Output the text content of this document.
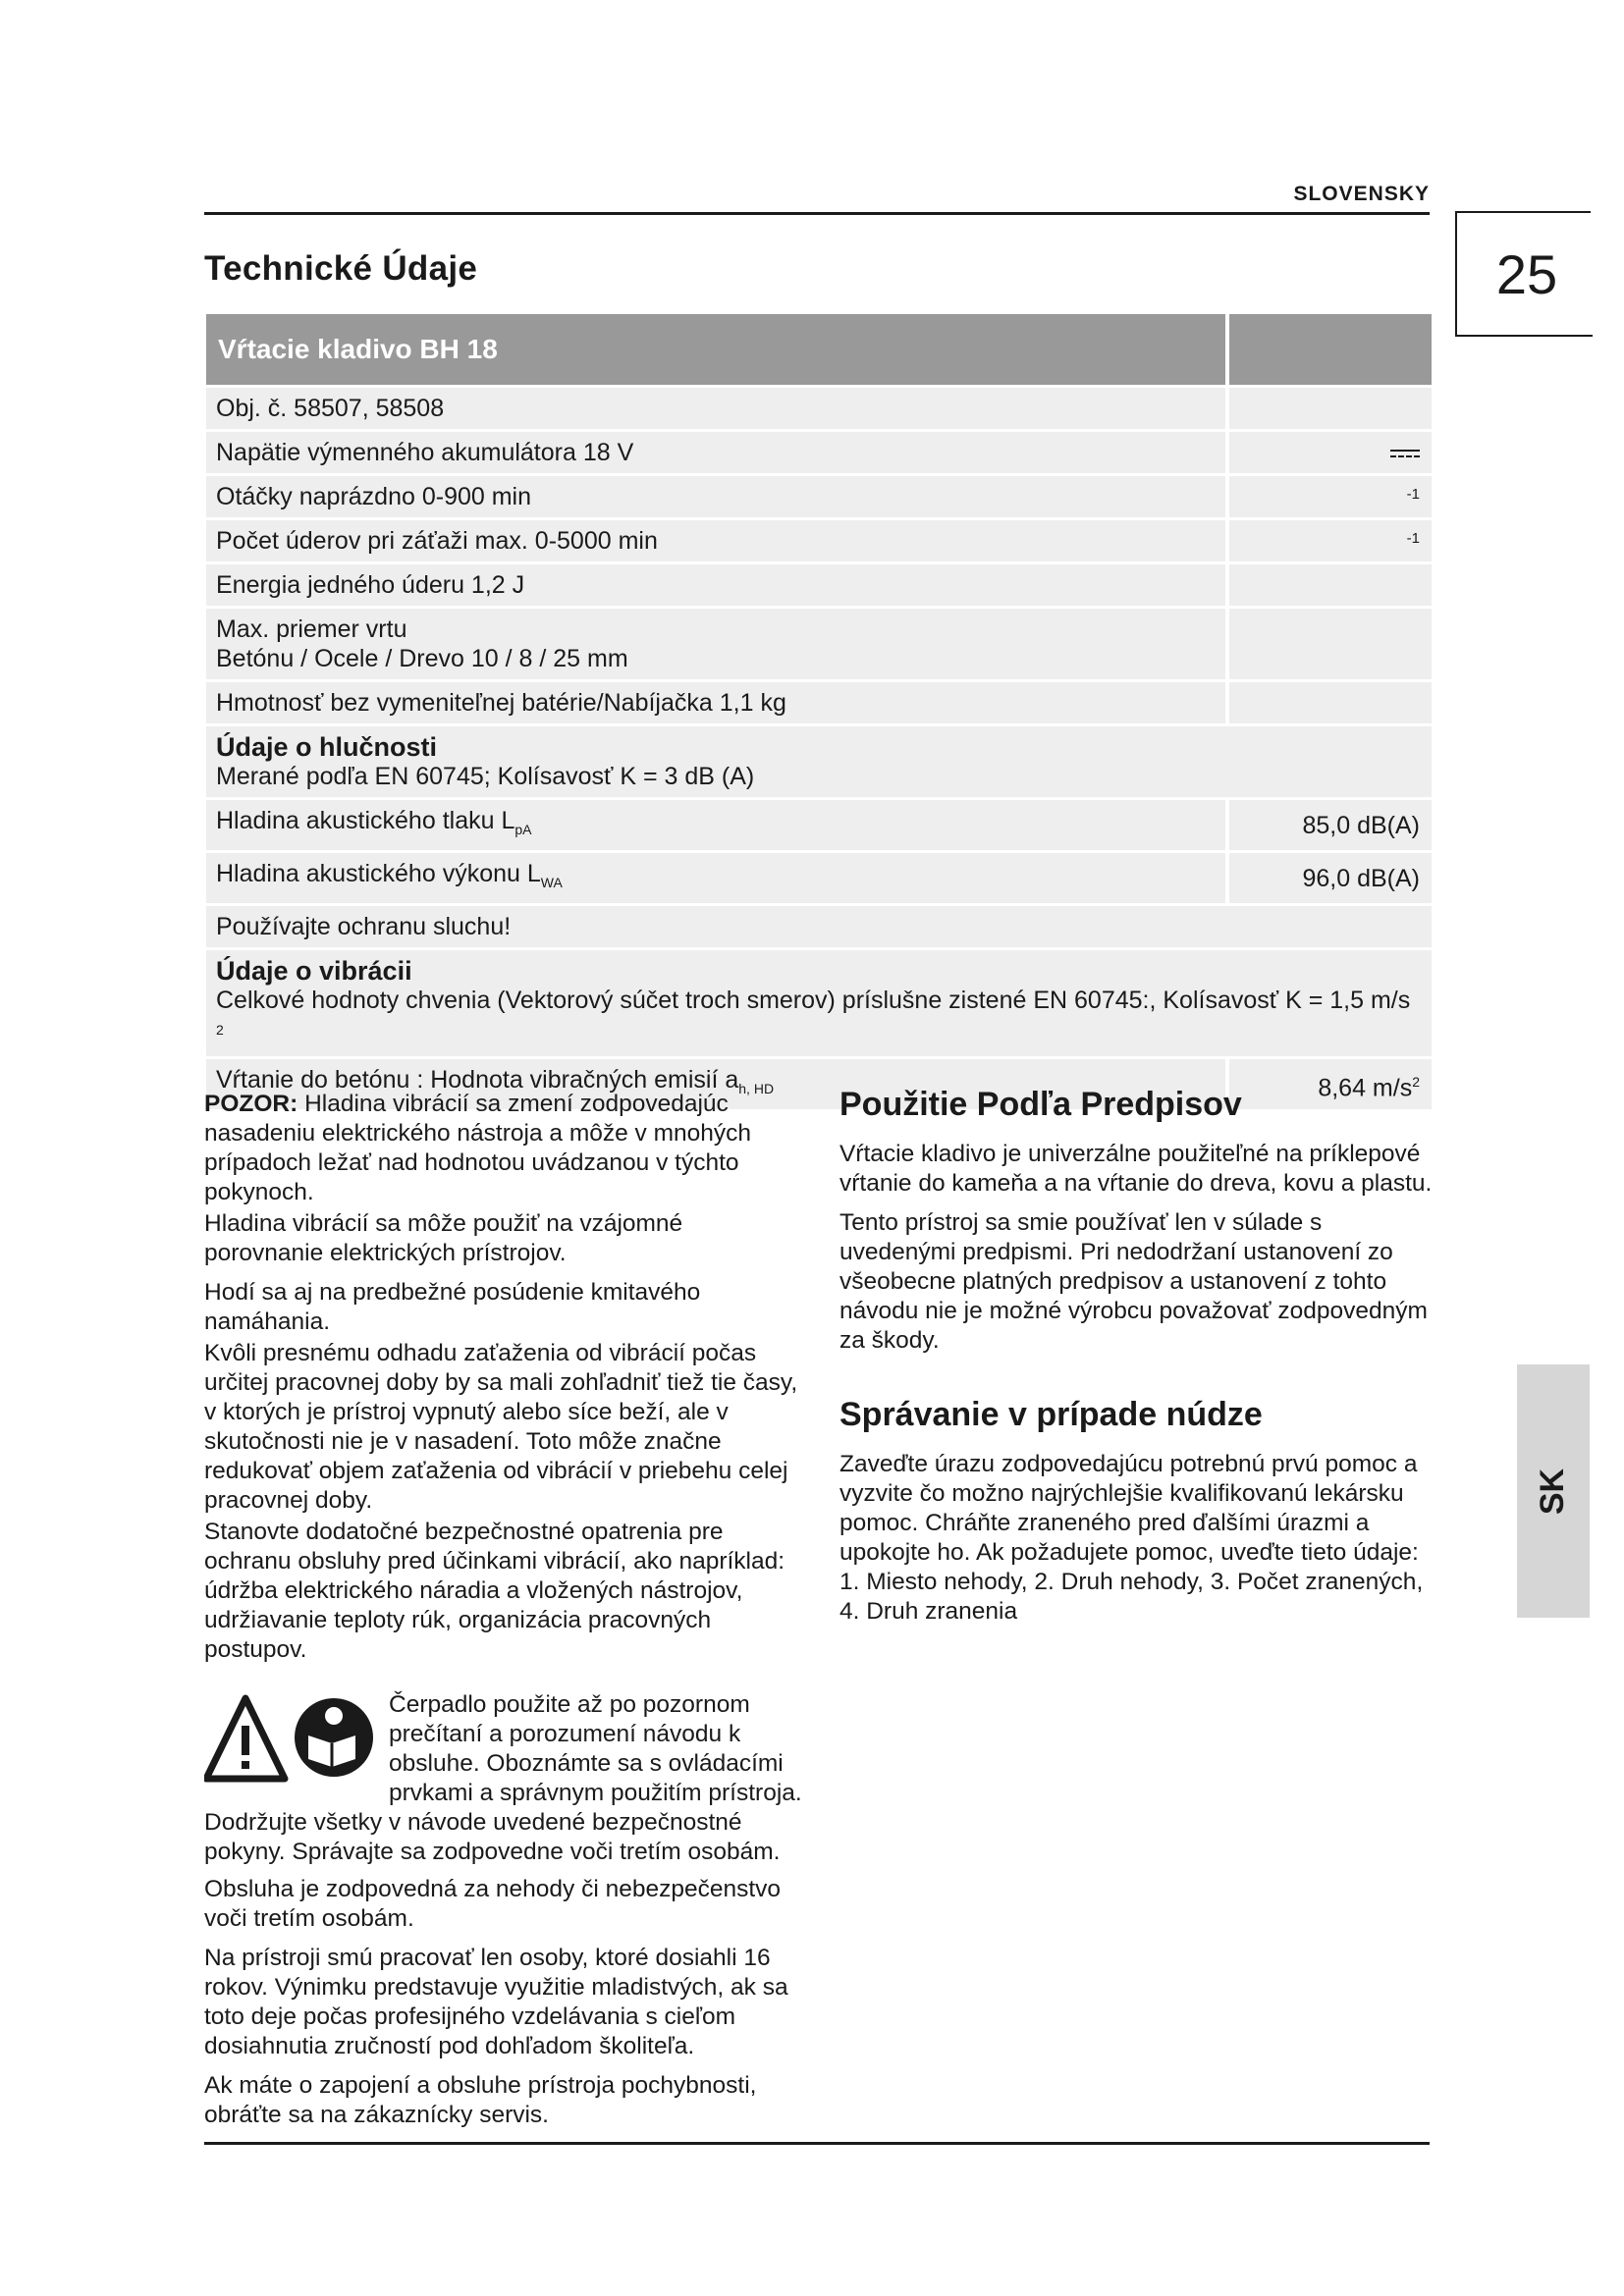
SLOVENSKY
25
SK
Technické Údaje
Vŕtacie kladivo BH 18	
Obj. č. 58507, 58508	
Napätie výmenného akumulátora 18 V	
Otáčky naprázdno 0-900 min	$^{-1}$
Počet úderov pri záťaži max. 0-5000 min	$^{-1}$
Energia jedného úderu 1,2 J	

Max. priemer vrtu
Betónu / Ocele / Drevo 10 / 8 / 25 mm	

Hmotnosť bez vymeniteľnej batérie/Nabíjačka 1,1 kg	

Údaje o hlučnosti
Merané podľa EN 60745; Kolísavosť K = 3 dB (A)	

Hladina akustického tlaku $L_{pA}$	85,0 dB(A)
Hladina akustického výkonu $L_{WA}$	96,0 dB(A)
Používajte ochranu sluchu!	

Údaje o vibrácii
Celkové hodnoty chvenia (Vektorový súčet troch smerov) príslušne zistené EN 60745:, Kolísavosť K = 1,5 m/s $^2$

Vŕtanie do betónu : Hodnota vibračných emisií $a_{h, HD}$	8,64 $m/s^2$

POZOR: Hladina vibrácií sa zmení zodpovedajúc nasadeniu elektrického nástroja a môže v mnohých prípadoch ležať nad hodnotou uvádzanou v týchto pokynoch.

Hladina vibrácií sa môže použiť na vzájomné porovnanie elektrických prístrojov.

Hodí sa aj na predbežné posúdenie kmitavého namáhania.

Kvôli presnému odhadu zaťaženia od vibrácií počas určitej pracovnej doby by sa mali zohľadniť tiež tie časy, v ktorých je prístroj vypnutý alebo síce beží, ale v skutočnosti nie je v nasadení. Toto môže značne redukovať objem zaťaženia od vibrácií v priebehu celej pracovnej doby.

Stanovte dodatočné bezpečnostné opatrenia pre ochranu obsluhy pred účinkami vibrácií, ako napríklad: údržba elektrického náradia a vložených nástrojov, udržiavanie teploty rúk, organizácia pracovných postupov.

Čerpadlo použite až po pozornom prečítaní a porozumení návodu k obsluhe. Oboznámte sa s ovládacími prvkami a správnym použitím prístroja. Dodržujte všetky v návode uvedené bezpečnostné pokyny. Správajte sa zodpovedne voči tretím osobám.

Obsluha je zodpovedná za nehody či nebezpečenstvo voči tretím osobám.

Na prístroji smú pracovať len osoby, ktoré dosiahli 16 rokov. Výnimku predstavuje využitie mladistvých, ak sa toto deje počas profesijného vzdelávania s cieľom dosiahnutia zručností pod dohľadom školiteľa.

Ak máte o zapojení a obsluhe prístroja pochybnosti, obráťte sa na zákaznícky servis.

Použitie Podľa Predpisov

Vŕtacie kladivo je univerzálne použiteľné na príklepové vŕtanie do kameňa a na vŕtanie do dreva, kovu a plastu.

Tento prístroj sa smie používať len v súlade s uvedenými predpismi. Pri nedodržaní ustanovení zo všeobecne platných predpisov a ustanovení z tohto návodu nie je možné výrobcu považovať zodpovedným za škody.

Správanie v prípade núdze

Zaveďte úrazu zodpovedajúcu potrebnú prvú pomoc a vyzvite čo možno najrýchlejšie kvalifikovanú lekársku pomoc. Chráňte zraneného pred ďalšími úrazmi a upokojte ho. Ak požadujete pomoc, uveďte tieto údaje: 1. Miesto nehody, 2. Druh nehody, 3. Počet zranených, 4. Druh zranenia
